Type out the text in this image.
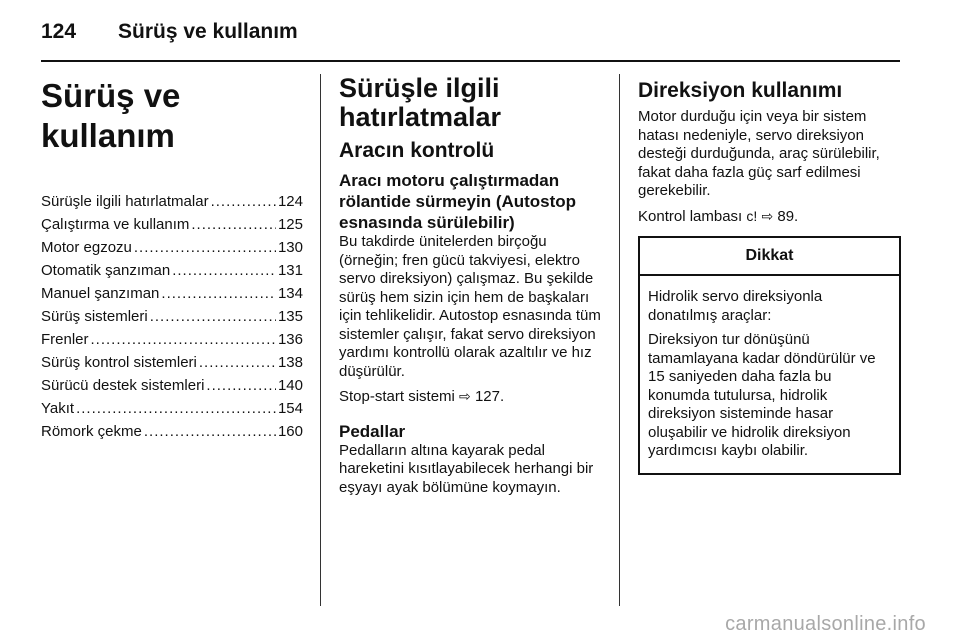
124 Sürüş ve kullanım
Sürüş ve kullanım
Sürüşle ilgili hatırlatmalar .....	124
Çalıştırma ve kullanım .....	125
Motor egzozu .....	130
Otomatik şanzıman .....	131
Manuel şanzıman .....	134
Sürüş sistemleri .....	135
Frenler .....	136
Sürüş kontrol sistemleri .....	138
Sürücü destek sistemleri .....	140
Yakıt .....	154
Römork çekme .....	160
Sürüşle ilgili hatırlatmalar
Aracın kontrolü
Aracı motoru çalıştırmadan rölantide sürmeyin (Autostop esnasında sürülebilir)
Bu takdirde ünitelerden birçoğu (örneğin; fren gücü takviyesi, elektro servo direksiyon) çalışmaz. Bu şekilde sürüş hem sizin için hem de başkaları için tehlikelidir. Autostop esnasında tüm sistemler çalışır, fakat servo direksiyon yardımı kontrollü olarak azaltılır ve hız düşürülür.
Stop-start sistemi ⇨ 127.
Pedallar
Pedalların altına kayarak pedal hareketini kısıtlayabilecek herhangi bir eşyayı ayak bölümüne koymayın.
Direksiyon kullanımı
Motor durduğu için veya bir sistem hatası nedeniyle, servo direksiyon desteği durduğunda, araç sürülebilir, fakat daha fazla güç sarf edilmesi gerekebilir.
Kontrol lambası c! ⇨ 89.
Dikkat
Hidrolik servo direksiyonla donatılmış araçlar:
Direksiyon tur dönüşünü tamamlayana kadar döndürülür ve 15 saniyeden daha fazla bu konumda tutulursa, hidrolik direksiyon sisteminde hasar oluşabilir ve hidrolik direksiyon yardımcısı kaybı olabilir.
carmanualsonline.info
